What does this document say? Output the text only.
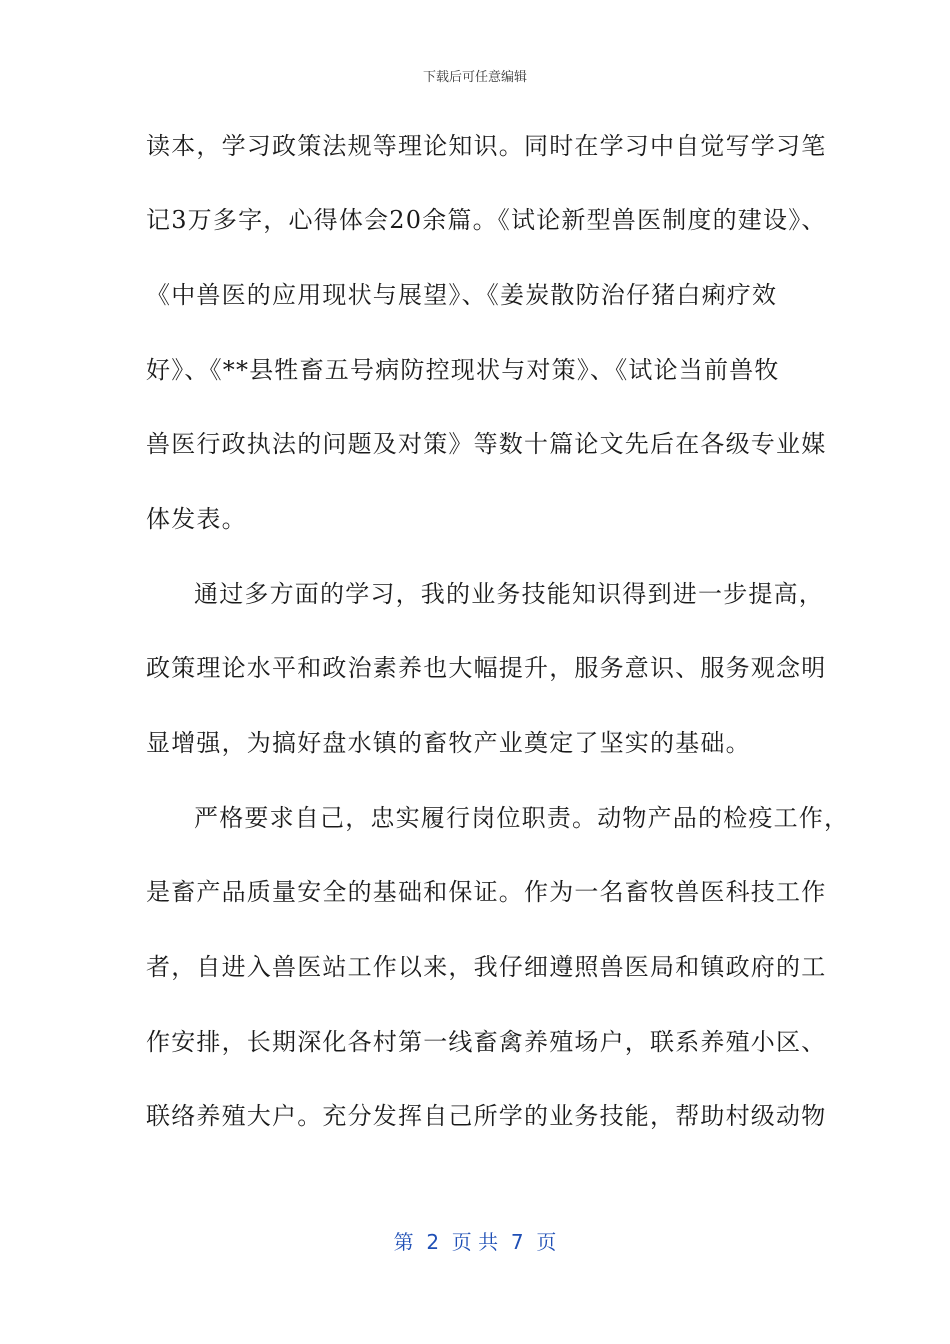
下载后可任意编辑
读本，学习政策法规等理论知识。同时在学习中自觉写学习笔
记3万多字，心得体会20余篇。《试论新型兽医制度的建设》、
《中兽医的应用现状与展望》、《姜炭散防治仔猪白痢疗效
好》、《**县牲畜五号病防控现状与对策》、《试论当前兽牧
兽医行政执法的问题及对策》等数十篇论文先后在各级专业媒
体发表。
通过多方面的学习，我的业务技能知识得到进一步提高，
政策理论水平和政治素养也大幅提升，服务意识、服务观念明
显增强，为搞好盘水镇的畜牧产业奠定了坚实的基础。
严格要求自己，忠实履行岗位职责。动物产品的检疫工作，
是畜产品质量安全的基础和保证。作为一名畜牧兽医科技工作
者，自进入兽医站工作以来，我仔细遵照兽医局和镇政府的工
作安排，长期深化各村第一线畜禽养殖场户，联系养殖小区、
联络养殖大户。充分发挥自己所学的业务技能，帮助村级动物
第  2  页 共  7  页
